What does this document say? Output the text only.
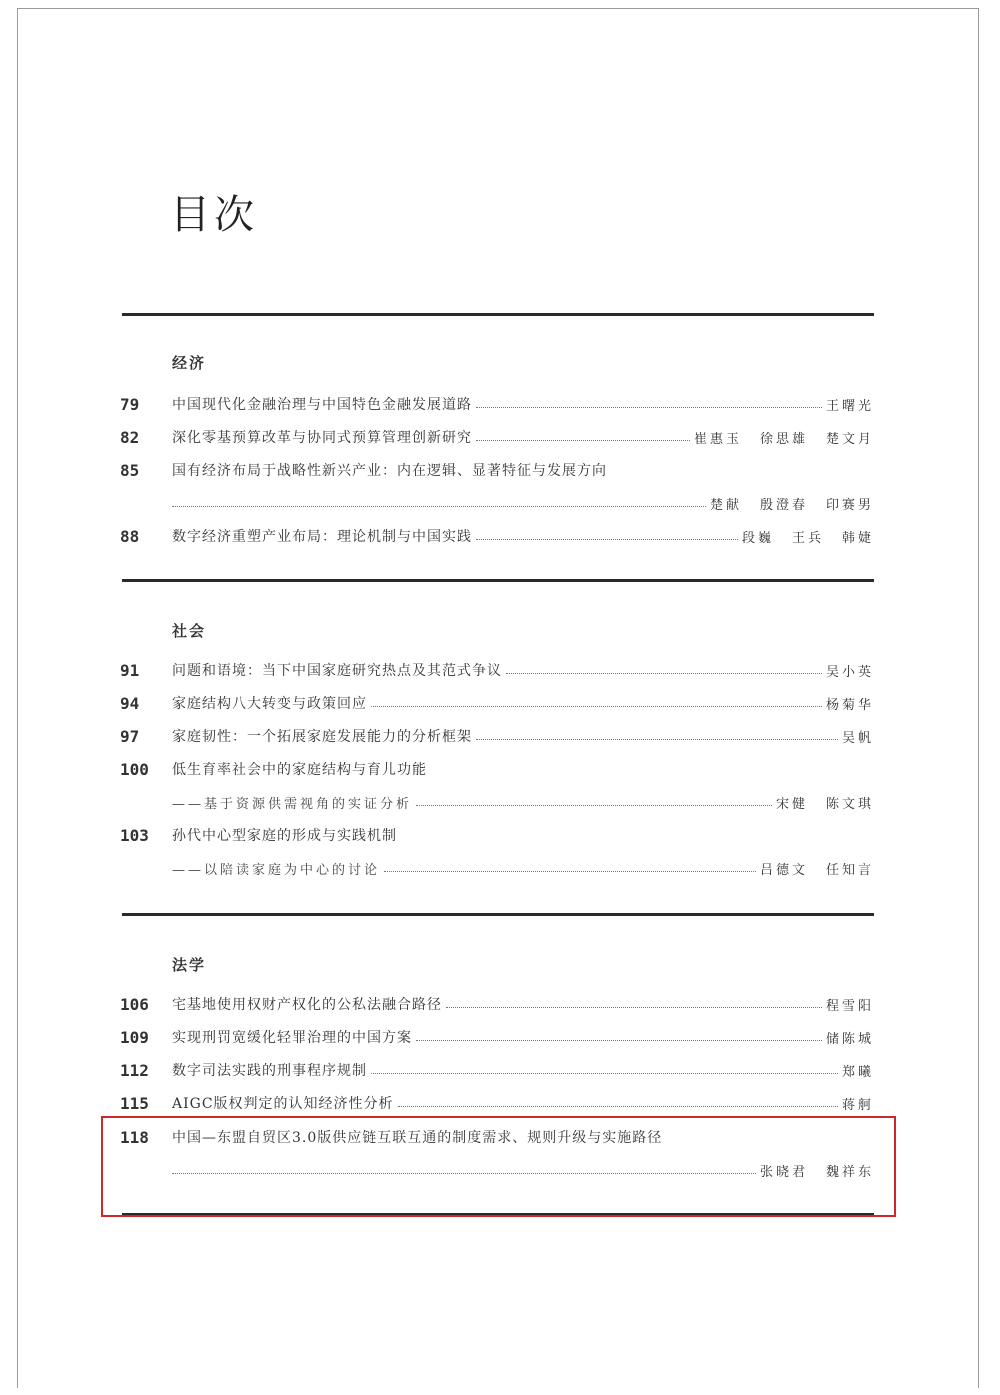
目次
经济
79	中国现代化金融治理与中国特色金融发展道路	王曙光
82	深化零基预算改革与协同式预算管理创新研究	崔惠玉 徐思雄 楚文月
85	国有经济布局于战略性新兴产业：内在逻辑、显著特征与发展方向
楚献 殷澄春 印赛男
88	数字经济重塑产业布局：理论机制与中国实践	段巍 王兵 韩婕
社会
91	问题和语境：当下中国家庭研究热点及其范式争议	吴小英
94	家庭结构八大转变与政策回应	杨菊华
97	家庭韧性：一个拓展家庭发展能力的分析框架	吴帆
100	低生育率社会中的家庭结构与育儿功能
——基于资源供需视角的实证分析	宋健 陈文琪
103	孙代中心型家庭的形成与实践机制
——以陪读家庭为中心的讨论	吕德文 任知言
法学
106	宅基地使用权财产权化的公私法融合路径	程雪阳
109	实现刑罚宽缓化轻罪治理的中国方案	储陈城
112	数字司法实践的刑事程序规制	郑曦
115	AIGC版权判定的认知经济性分析	蒋舸
118	中国—东盟自贸区3.0版供应链互联互通的制度需求、规则升级与实施路径
张晓君 魏祥东
